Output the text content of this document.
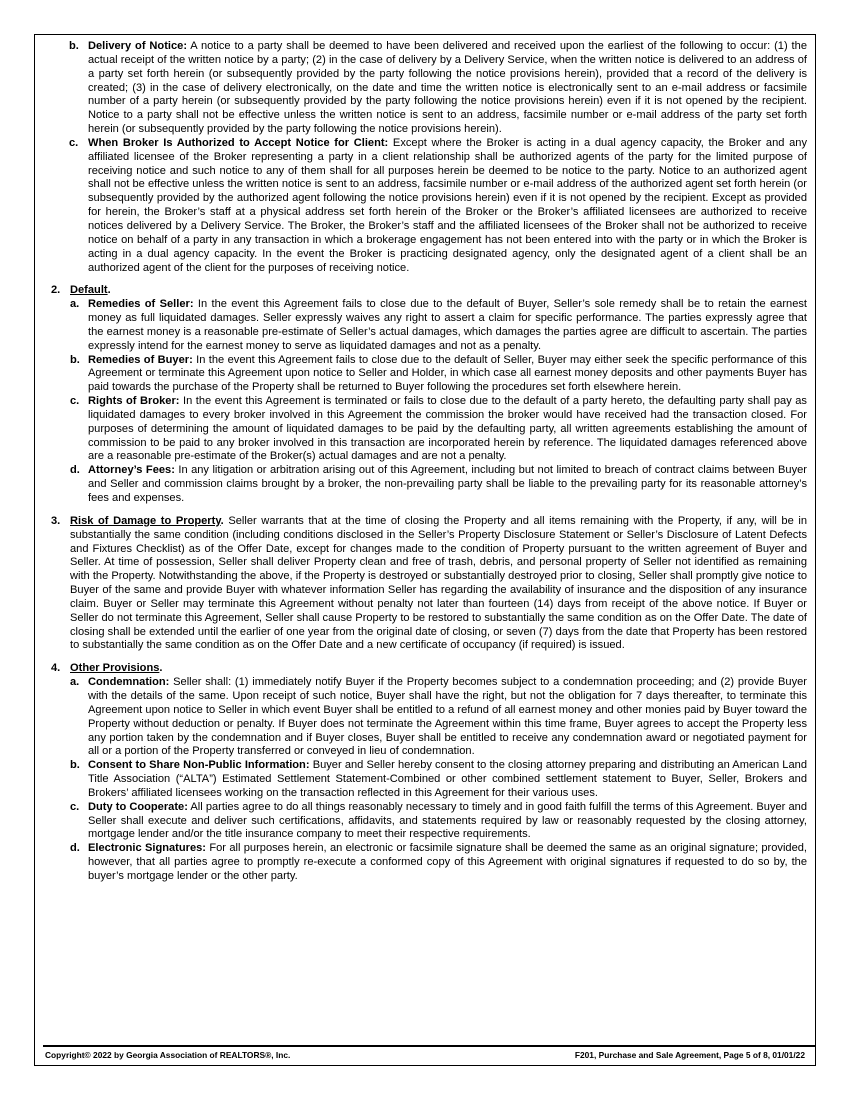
b. Delivery of Notice: A notice to a party shall be deemed to have been delivered and received upon the earliest of the following to occur: (1) the actual receipt of the written notice by a party; (2) in the case of delivery by a Delivery Service, when the written notice is delivered to an address of a party set forth herein (or subsequently provided by the party following the notice provisions herein), provided that a record of the delivery is created; (3) in the case of delivery electronically, on the date and time the written notice is electronically sent to an e-mail address or facsimile number of a party herein (or subsequently provided by the party following the notice provisions herein) even if it is not opened by the recipient. Notice to a party shall not be effective unless the written notice is sent to an address, facsimile number or e-mail address of the party set forth herein (or subsequently provided by the party following the notice provisions herein).
c. When Broker Is Authorized to Accept Notice for Client: Except where the Broker is acting in a dual agency capacity, the Broker and any affiliated licensee of the Broker representing a party in a client relationship shall be authorized agents of the party for the limited purpose of receiving notice and such notice to any of them shall for all purposes herein be deemed to be notice to the party. Notice to an authorized agent shall not be effective unless the written notice is sent to an address, facsimile number or e-mail address of the authorized agent set forth herein (or subsequently provided by the authorized agent following the notice provisions herein) even if it is not opened by the recipient. Except as provided for herein, the Broker’s staff at a physical address set forth herein of the Broker or the Broker’s affiliated licensees are authorized to receive notices delivered by a Delivery Service. The Broker, the Broker’s staff and the affiliated licensees of the Broker shall not be authorized to receive notice on behalf of a party in any transaction in which a brokerage engagement has not been entered into with the party or in which the Broker is acting in a dual agency capacity. In the event the Broker is practicing designated agency, only the designated agent of a client shall be an authorized agent of the client for the purposes of receiving notice.
2. Default.
a. Remedies of Seller: In the event this Agreement fails to close due to the default of Buyer, Seller’s sole remedy shall be to retain the earnest money as full liquidated damages. Seller expressly waives any right to assert a claim for specific performance. The parties expressly agree that the earnest money is a reasonable pre-estimate of Seller’s actual damages, which damages the parties agree are difficult to ascertain. The parties expressly intend for the earnest money to serve as liquidated damages and not as a penalty.
b. Remedies of Buyer: In the event this Agreement fails to close due to the default of Seller, Buyer may either seek the specific performance of this Agreement or terminate this Agreement upon notice to Seller and Holder, in which case all earnest money deposits and other payments Buyer has paid towards the purchase of the Property shall be returned to Buyer following the procedures set forth elsewhere herein.
c. Rights of Broker: In the event this Agreement is terminated or fails to close due to the default of a party hereto, the defaulting party shall pay as liquidated damages to every broker involved in this Agreement the commission the broker would have received had the transaction closed. For purposes of determining the amount of liquidated damages to be paid by the defaulting party, all written agreements establishing the amount of commission to be paid to any broker involved in this transaction are incorporated herein by reference. The liquidated damages referenced above are a reasonable pre-estimate of the Broker(s) actual damages and are not a penalty.
d. Attorney’s Fees: In any litigation or arbitration arising out of this Agreement, including but not limited to breach of contract claims between Buyer and Seller and commission claims brought by a broker, the non-prevailing party shall be liable to the prevailing party for its reasonable attorney’s fees and expenses.
3. Risk of Damage to Property. Seller warrants that at the time of closing the Property and all items remaining with the Property, if any, will be in substantially the same condition (including conditions disclosed in the Seller’s Property Disclosure Statement or Seller’s Disclosure of Latent Defects and Fixtures Checklist) as of the Offer Date, except for changes made to the condition of Property pursuant to the written agreement of Buyer and Seller. At time of possession, Seller shall deliver Property clean and free of trash, debris, and personal property of Seller not identified as remaining with the Property. Notwithstanding the above, if the Property is destroyed or substantially destroyed prior to closing, Seller shall promptly give notice to Buyer of the same and provide Buyer with whatever information Seller has regarding the availability of insurance and the disposition of any insurance claim. Buyer or Seller may terminate this Agreement without penalty not later than fourteen (14) days from receipt of the above notice. If Buyer or Seller do not terminate this Agreement, Seller shall cause Property to be restored to substantially the same condition as on the Offer Date. The date of closing shall be extended until the earlier of one year from the original date of closing, or seven (7) days from the date that Property has been restored to substantially the same condition as on the Offer Date and a new certificate of occupancy (if required) is issued.
4. Other Provisions.
a. Condemnation: Seller shall: (1) immediately notify Buyer if the Property becomes subject to a condemnation proceeding; and (2) provide Buyer with the details of the same. Upon receipt of such notice, Buyer shall have the right, but not the obligation for 7 days thereafter, to terminate this Agreement upon notice to Seller in which event Buyer shall be entitled to a refund of all earnest money and other monies paid by Buyer toward the Property without deduction or penalty. If Buyer does not terminate the Agreement within this time frame, Buyer agrees to accept the Property less any portion taken by the condemnation and if Buyer closes, Buyer shall be entitled to receive any condemnation award or negotiated payment for all or a portion of the Property transferred or conveyed in lieu of condemnation.
b. Consent to Share Non-Public Information: Buyer and Seller hereby consent to the closing attorney preparing and distributing an American Land Title Association (“ALTA”) Estimated Settlement Statement-Combined or other combined settlement statement to Buyer, Seller, Brokers and Brokers’ affiliated licensees working on the transaction reflected in this Agreement for their various uses.
c. Duty to Cooperate: All parties agree to do all things reasonably necessary to timely and in good faith fulfill the terms of this Agreement. Buyer and Seller shall execute and deliver such certifications, affidavits, and statements required by law or reasonably requested by the closing attorney, mortgage lender and/or the title insurance company to meet their respective requirements.
d. Electronic Signatures: For all purposes herein, an electronic or facsimile signature shall be deemed the same as an original signature; provided, however, that all parties agree to promptly re-execute a conformed copy of this Agreement with original signatures if requested to do so by, the buyer’s mortgage lender or the other party.
Copyright© 2022 by Georgia Association of REALTORS®, Inc.	F201, Purchase and Sale Agreement, Page 5 of 8, 01/01/22
